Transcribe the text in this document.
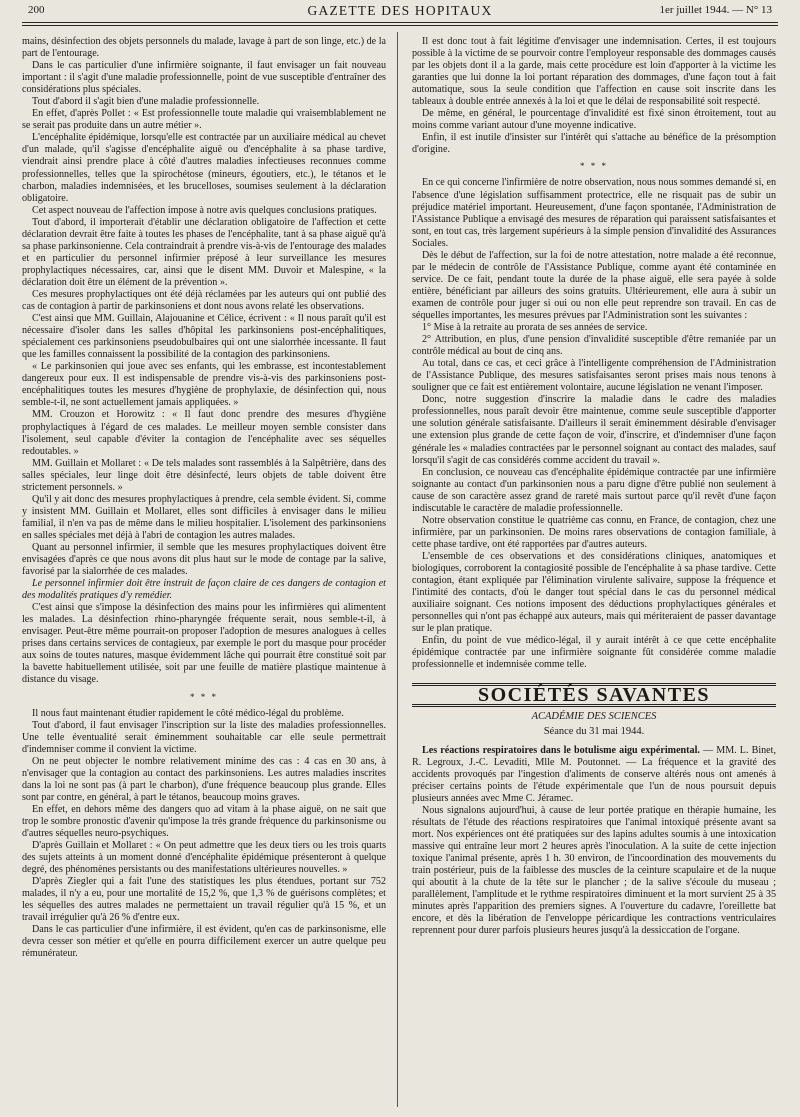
200	GAZETTE DES HOPITAUX	1er juillet 1944. — N° 13

mains, désinfection des objets personnels du malade, lavage à part de son linge, etc.) de la part de l'entourage.

Dans le cas particulier d'une infirmière soignante, il faut envisager un fait nouveau important : il s'agit d'une maladie professionnelle, point de vue susceptible d'entraîner des considérations plus spéciales.

Tout d'abord il s'agit bien d'une maladie professionnelle.

En effet, d'après Pollet : « Est professionnelle toute maladie qui vraisemblablement ne se serait pas produite dans un autre métier ».

L'encéphalite épidémique, lorsqu'elle est contractée par un auxiliaire médical au chevet d'un malade, qu'il s'agisse d'encéphalite aiguë ou d'encéphalite à sa phase tardive, viendrait ainsi prendre place à côté d'autres maladies infectieuses reconnues comme professionnelles, telles que la spirochétose (mineurs, égoutiers, etc.), le tétanos et le charbon, maladies indemnisées, et les brucelloses, soumises seulement à la déclaration obligatoire.

Cet aspect nouveau de l'affection impose à notre avis quelques conclusions pratiques.

Tout d'abord, il importerait d'établir une déclaration obligatoire de l'affection et cette déclaration devrait être faite à toutes les phases de l'encéphalite, tant à sa phase aiguë qu'à sa phase parkinsonienne. Cela contraindrait à prendre vis-à-vis de l'entourage des malades et en particulier du personnel infirmier préposé à leur surveillance les mesures prophylactiques nécessaires, car, ainsi que le disent MM. Duvoir et Malespine, « la déclaration doit être un élément de la prévention ».

Ces mesures prophylactiques ont été déjà réclamées par les auteurs qui ont publié des cas de contagion à partir de parkinsoniens et dont nous avons relaté les observations.

C'est ainsi que MM. Guillain, Alajouanine et Célice, écrivent : « Il nous paraît qu'il est nécessaire d'isoler dans les salles d'hôpital les parkinsoniens post-encéphalitiques, spécialement ces parkinsoniens pseudobulbaires qui ont une sialorrhée incessante. Il faut que les familles connaissent la possibilité de la contagion des parkinsoniens.

« Le parkinsonien qui joue avec ses enfants, qui les embrasse, est incontestablement dangereux pour eux. Il est indispensable de prendre vis-à-vis des parkinsoniens post-encéphalitiques toutes les mesures d'hygiène de prophylaxie, de désinfection qui, nous semble-t-il, ne sont actuellement jamais appliquées. »

MM. Crouzon et Horowitz : « Il faut donc prendre des mesures d'hygiène prophylactiques à l'égard de ces malades. Le meilleur moyen semble consister dans l'isolement, seul capable d'éviter la contagion de l'encéphalite avec ses séquelles redoutables. »

MM. Guillain et Mollaret : « De tels malades sont rassemblés à la Salpêtrière, dans des salles spéciales, leur linge doit être désinfecté, leurs objets de table doivent être strictement personnels. »

Qu'il y ait donc des mesures prophylactiques à prendre, cela semble évident. Si, comme y insistent MM. Guillain et Mollaret, elles sont difficiles à envisager dans le milieu familial, il n'en va pas de même dans le milieu hospitalier. L'isolement des parkinsoniens en salles spéciales met déjà à l'abri de contagion les autres malades.

Quant au personnel infirmier, il semble que les mesures prophylactiques doivent être envisagées d'après ce que nous avons dit plus haut sur le mode de contage par la salive, favorisé par la sialorrhée de ces malades.

Le personnel infirmier doit être instruit de façon claire de ces dangers de contagion et des modalités pratiques d'y remédier.

C'est ainsi que s'impose la désinfection des mains pour les infirmières qui alimentent les malades. La désinfection rhino-pharyngée fréquente serait, nous semble-t-il, à envisager. Peut-être même pourrait-on proposer l'adoption de mesures analogues à celles prises dans certains services de contagieux, par exemple le port du masque pour procéder aux soins de toutes natures, masque évidemment lâche qui pourrait être constitué soit par la bavette habituellement utilisée, soit par une feuille de matière plastique maintenue à distance du visage.

* * *

Il nous faut maintenant étudier rapidement le côté médico-légal du problème.

Tout d'abord, il faut envisager l'inscription sur la liste des maladies professionnelles. Une telle éventualité serait éminemment souhaitable car elle seule permettrait d'indemniser comme il convient la victime.

On ne peut objecter le nombre relativement minime des cas : 4 cas en 30 ans, à n'envisager que la contagion au contact des parkinsoniens. Les autres maladies inscrites dans la loi ne sont pas (à part le charbon), d'une fréquence beaucoup plus grande. Elles sont par contre, en général, à part le tétanos, beaucoup moins graves.

En effet, en dehors même des dangers quo ad vitam à la phase aiguë, on ne sait que trop le sombre pronostic d'avenir qu'impose la très grande fréquence du parkinsonisme ou d'autres séquelles neuro-psychiques.

D'après Guillain et Mollaret : « On peut admettre que les deux tiers ou les trois quarts des sujets atteints à un moment donné d'encéphalite épidémique présenteront à quelque degré, des phénomènes persistants ou des manifestations ultérieures nouvelles. »

D'après Ziegler qui a fait l'une des statistiques les plus étendues, portant sur 752 malades, il n'y a eu, pour une mortalité de 15,2 %, que 1,3 % de guérisons complètes; et les séquelles des autres malades ne permettaient un travail régulier qu'à 15 %, et un travail irrégulier qu'à 26 % d'entre eux.

Dans le cas particulier d'une infirmière, il est évident, qu'en cas de parkinsonisme, elle devra cesser son métier et qu'elle en pourra difficilement exercer un autre quelque peu rémunérateur.

Il est donc tout à fait légitime d'envisager une indemnisation. Certes, il est toujours possible à la victime de se pourvoir contre l'employeur responsable des dommages causés par les objets dont il a la garde, mais cette procédure est loin d'apporter à la victime les garanties que lui donne la loi portant réparation des dommages, d'une façon tout à fait automatique, sous la seule condition que l'affection en cause soit inscrite dans les tableaux à double entrée annexés à la loi et que le délai de responsabilité soit respecté.

De même, en général, le pourcentage d'invalidité est fixé sinon étroitement, tout au moins comme variant autour d'une moyenne indicative.

Enfin, il est inutile d'insister sur l'intérêt qui s'attache au bénéfice de la présomption d'origine.

* * *

En ce qui concerne l'infirmière de notre observation, nous nous sommes demandé si, en l'absence d'une législation suffisamment protectrice, elle ne risquait pas de subir un préjudice matériel important. Heureusement, d'une façon spontanée, l'Administration de l'Assistance Publique a envisagé des mesures de réparation qui paraissent satisfaisantes et sont, en tout cas, très largement supérieurs à la simple pension d'invalidité des Assurances Sociales.

Dès le début de l'affection, sur la foi de notre attestation, notre malade a été reconnue, par le médecin de contrôle de l'Assistance Publique, comme ayant été contaminée en service. De ce fait, pendant toute la durée de la phase aiguë, elle sera payée à solde entière, bénéficiant par ailleurs des soins gratuits. Ultérieurement, elle aura à subir un examen de contrôle pour juger si oui ou non elle peut reprendre son travail. En cas de séquelles importantes, les mesures prévues par l'Administration sont les suivantes :

1° Mise à la retraite au prorata de ses années de service.

2° Attribution, en plus, d'une pension d'invalidité susceptible d'être remaniée par un contrôle médical au bout de cinq ans.

Au total, dans ce cas, et ceci grâce à l'intelligente compréhension de l'Administration de l'Assistance Publique, des mesures satisfaisantes seront prises mais nous tenons à souligner que ce fait est entièrement volontaire, aucune législation ne venant l'imposer.

Donc, notre suggestion d'inscrire la maladie dans le cadre des maladies professionnelles, nous paraît devoir être maintenue, comme seule susceptible d'apporter une solution générale satisfaisante. D'ailleurs il serait éminemment désirable d'envisager une extension plus grande de cette façon de voir, d'inscrire, et d'indemniser d'une façon générale les « maladies contractées par le personnel soignant au contact des malades, sauf lorsqu'il s'agit de cas considérés comme accident du travail ».

En conclusion, ce nouveau cas d'encéphalite épidémique contractée par une infirmière soignante au contact d'un parkinsonien nous a paru digne d'être publié non seulement à cause de son caractère assez grand de rareté mais surtout parce qu'il revêt d'une façon indiscutable le caractère de maladie professionnelle.

Notre observation constitue le quatrième cas connu, en France, de contagion, chez une infirmière, par un parkinsonien. De moins rares observations de contagion familiale, à cette phase tardive, ont été rapportées par d'autres auteurs.

L'ensemble de ces observations et des considérations cliniques, anatomiques et biologiques, corroborent la contagiosité possible de l'encéphalite à sa phase tardive. Cette contagion, étant expliquée par l'élimination virulente salivaire, suppose la fréquence et l'intimité des contacts, d'où le danger tout spécial dans le cas du personnel médical auxiliaire soignant. Ces notions imposent des déductions prophylactiques générales et personnelles qui n'ont pas échappé aux auteurs, mais qui mériteraient de passer davantage sur le plan pratique.

Enfin, du point de vue médico-légal, il y aurait intérêt à ce que cette encéphalite épidémique contractée par une infirmière soignante fût considérée comme maladie professionnelle et indemnisée comme telle.

SOCIÉTÉS SAVANTES
ACADÉMIE DES SCIENCES
Séance du 31 mai 1944.

Les réactions respiratoires dans le botulisme aigu expérimental. — MM. L. Binet, R. Legroux, J.-C. Levaditi, Mlle M. Poutonnet. — La fréquence et la gravité des accidents provoqués par l'ingestion d'aliments de conserve altérés nous ont amenés à préciser certains points de l'étude expérimentale que l'un de nous poursuit depuis plusieurs années avec Mme C. Jéramec.

Nous signalons aujourd'hui, à cause de leur portée pratique en thérapie humaine, les résultats de l'étude des réactions respiratoires que l'animal intoxiqué présente avant sa mort. Nos expériences ont été pratiquées sur des lapins adultes soumis à une intoxication massive qui entraîne leur mort 2 heures après l'inoculation. A la suite de cette injection toxique l'animal présente, après 1 h. 30 environ, de l'incoordination des mouvements du train postérieur, puis de la faiblesse des muscles de la ceinture scapulaire et de la nuque qui aboutit à la chute de la tête sur le plancher ; de la salive s'écoule du museau ; parallèlement, l'amplitude et le rythme respiratoires diminuent et la mort survient 25 à 35 minutes après l'apparition des premiers signes. A l'ouverture du cadavre, l'oreillette bat encore, et dès la libération de l'enveloppe péricardique les contractions ventriculaires reprennent pour durer parfois plusieurs heures jusqu'à la dessiccation de l'organe.
